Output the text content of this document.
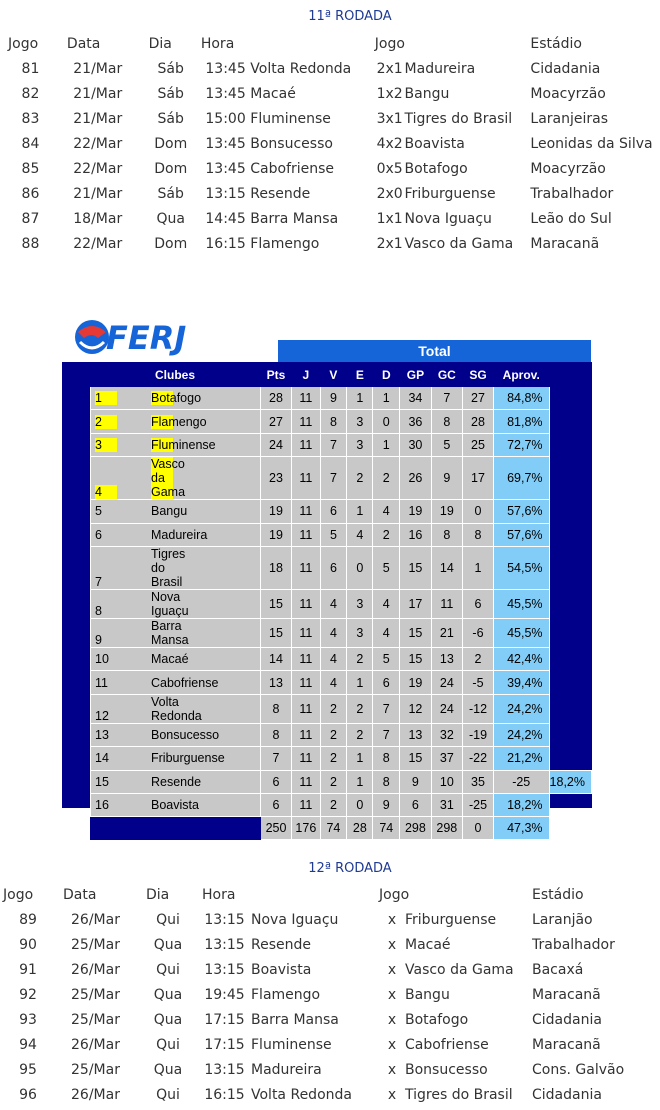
11ª RODADA
Jogo	Data	Dia	Hora		Jogo		Estádio
81	21/Mar	Sáb	13:45	Volta Redonda	2x1	Madureira	Cidadania
82	21/Mar	Sáb	13:45	Macaé	1x2	Bangu	Moacyrzão
83	21/Mar	Sáb	15:00	Fluminense	3x1	Tigres do Brasil	Laranjeiras
84	22/Mar	Dom	13:45	Bonsucesso	4x2	Boavista	Leonidas da Silva
85	22/Mar	Dom	13:45	Cabofriense	0x5	Botafogo	Moacyrzão
86	21/Mar	Sáb	13:15	Resende	2x0	Friburguense	Trabalhador
87	18/Mar	Qua	14:45	Barra Mansa	1x1	Nova Iguaçu	Leão do Sul
88	22/Mar	Dom	16:15	Flamengo	2x1	Vasco da Gama	Maracanã
FERJ	Total
Clubes	Pts	J	V	E	D	GP	GC	SG	Aprov.	
1 Botafogo	28	11	9	1	1	34	7	27	84,8%	
2 Flamengo	27	11	8	3	0	36	8	28	81,8%	
3 Fluminense	24	11	7	3	1	30	5	25	72,7%	
4Vasco da Gama	23	11	7	2	2	26	9	17	69,7%	
5 Bangu	19	11	6	1	4	19	19	0	57,6%	
6 Madureira	19	11	5	4	2	16	8	8	57,6%	
7Tigres do Brasil	18	11	6	0	5	15	14	1	54,5%	
8Nova Iguaçu	15	11	4	3	4	17	11	6	45,5%	
9Barra Mansa	15	11	4	3	4	15	21	-6	45,5%	
10 Macaé	14	11	4	2	5	15	13	2	42,4%	
11 Cabofriense	13	11	4	1	6	19	24	-5	39,4%	
12Volta Redonda	8	11	2	2	7	12	24	-12	24,2%	
13 Bonsucesso	8	11	2	2	7	13	32	-19	24,2%	
14 Friburguense	7	11	2	1	8	15	37	-22	21,2%	
15 Resende	6	11	2	1	8	9	10	35	-25	18,2%
16 Boavista	6	11	2	0	9	6	31	-25	18,2%	
	250	176	74	28	74	298	298	0	47,3%	
12ª RODADA
Jogo	Data	Dia	Hora		Jogo		Estádio
89	26/Mar	Qui	13:15	Nova Iguaçu	x	Friburguense	Laranjão
90	25/Mar	Qua	13:15	Resende	x	Macaé	Trabalhador
91	26/Mar	Qui	13:15	Boavista	x	Vasco da Gama	Bacaxá
92	25/Mar	Qua	19:45	Flamengo	x	Bangu	Maracanã
93	25/Mar	Qua	17:15	Barra Mansa	x	Botafogo	Cidadania
94	26/Mar	Qui	17:15	Fluminense	x	Cabofriense	Maracanã
95	25/Mar	Qua	13:15	Madureira	x	Bonsucesso	Cons. Galvão
96	26/Mar	Qui	16:15	Volta Redonda	x	Tigres do Brasil	Cidadania
